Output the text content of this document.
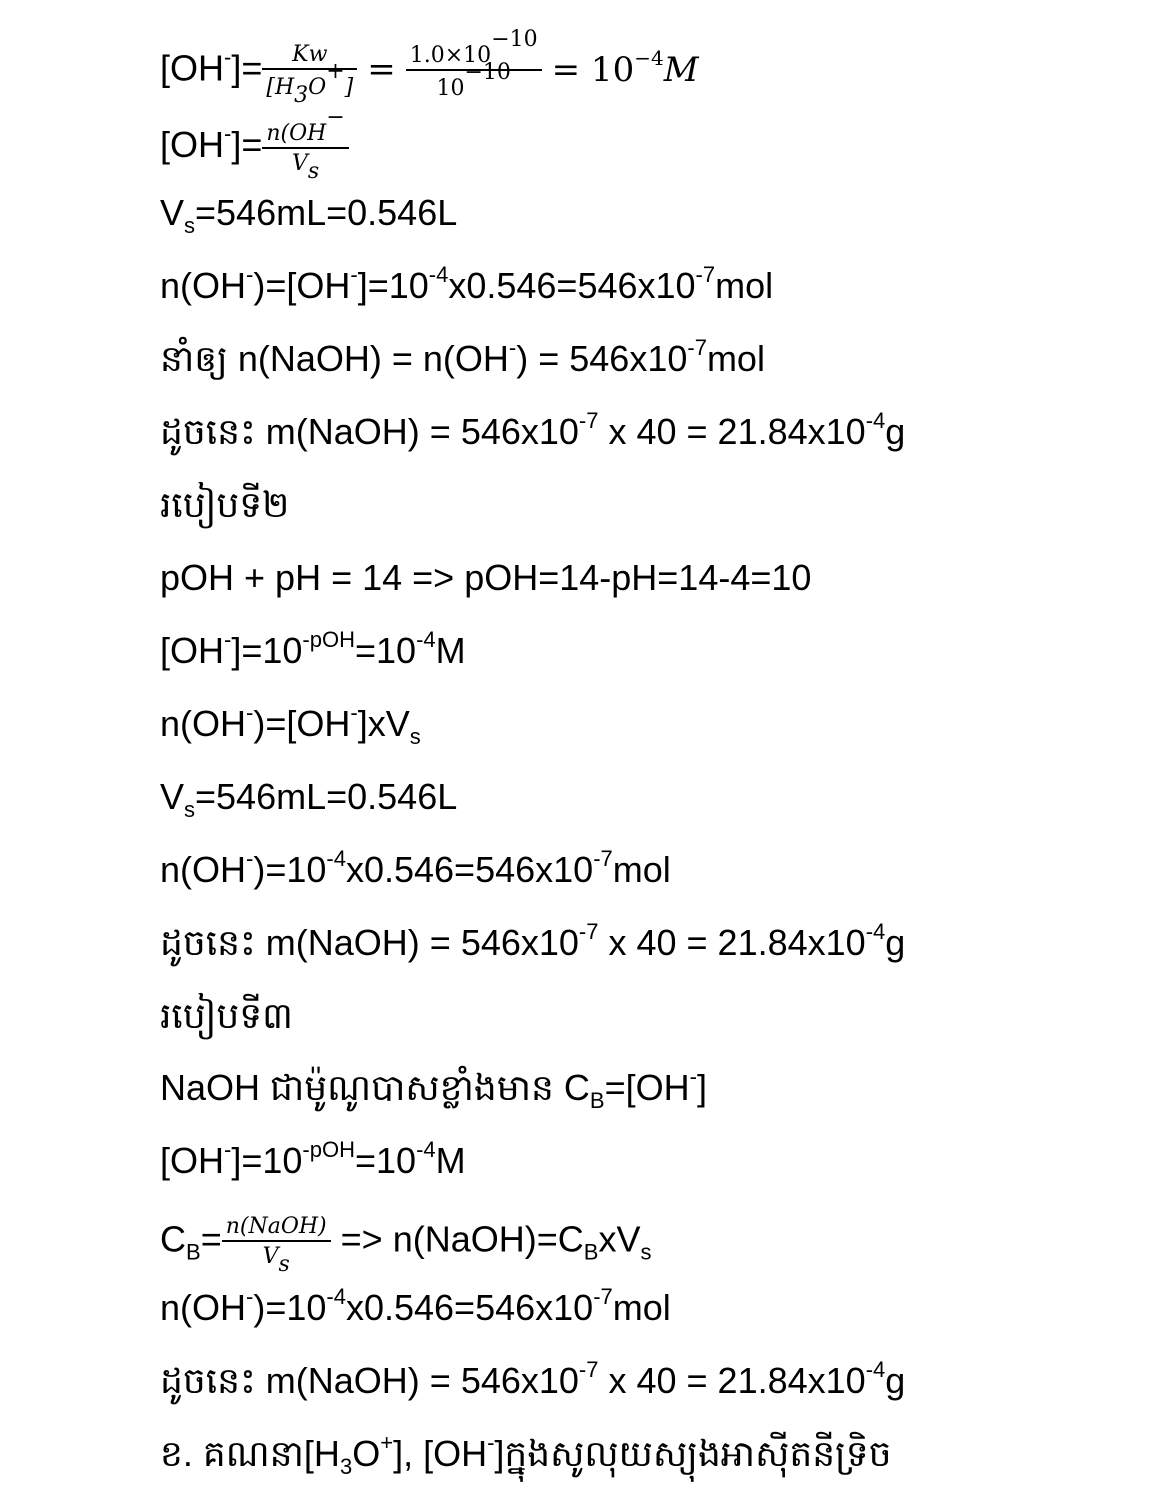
$[OH^-]= \frac{Kw}{[H_3O^+]} = \frac{1.0\times 10^{-10}}{10^{-10}} = 10^{-4}M$
$[OH^-]= \frac{n(OH^-}{V_s}$
$V_s=546mL=0.546L$
$n(OH^-)=[OH^-]=10^{-4}x0.546=546x10^{-7}mol$
នាំឲ្យ n(NaOH) = $n(OH^-) = 546x10^{-7}mol$
ដូចនេះ m(NaOH) = $546x10^{-7}$ x $40 = 21.84x10^{-4}g$
របៀបទី២
pOH + pH = 14 => pOH=14-pH=14-4=10
$[OH^-]=10^{-pOH}=10^{-4}M$
$n(OH^-)=[OH^-]xV_s$
$V_s=546mL=0.546L$
$n(OH^-)=10^{-4}x0.546=546x10^{-7}mol$
ដូចនេះ m(NaOH) = $546x10^{-7}$ x $40 = 21.84x10^{-4}g$
របៀបទី៣
NaOH ជាម៉ូណូបាសខ្លាំងមាន $C_B=[OH^-]$
$[OH^-]=10^{-pOH}=10^{-4}M$
$C_B= \frac{\text{n(NaOH)}}{V_s}$ => $n(NaOH)=C_BxV_s$
$n(OH^-)=10^{-4}x0.546=546x10^{-7}mol$
ដូចនេះ m(NaOH) = $546x10^{-7}$ x $40 = 21.84x10^{-4}g$
ខ. គណនា$[H_3O^+]$, [OH-]ក្នុងសូលុយស្យុងអាស៊ីតនីទ្រិច
